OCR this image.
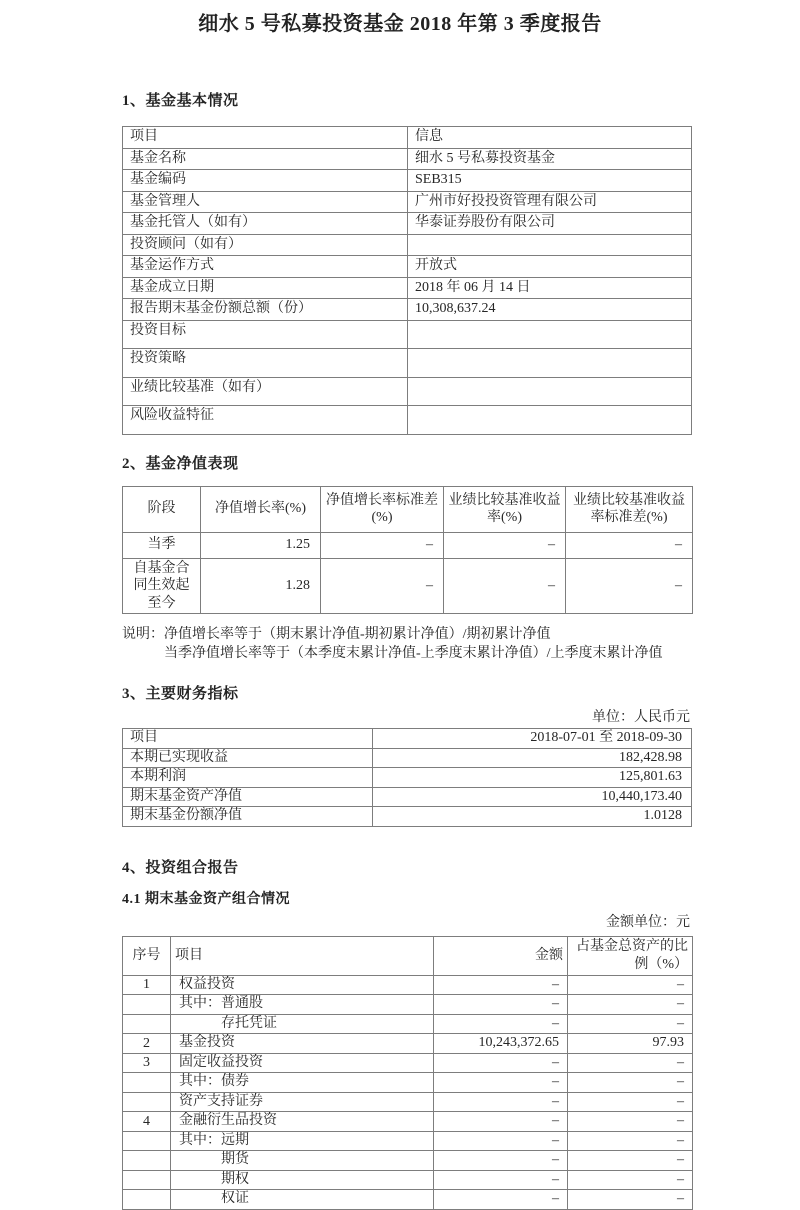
细水 5 号私募投资基金 2018 年第 3 季度报告
1、基金基本情况
项目	信息
基金名称	细水 5 号私募投资基金
基金编码	SEB315
基金管理人	广州市好投投资管理有限公司
基金托管人（如有）	华泰证券股份有限公司
投资顾问（如有）	
基金运作方式	开放式
基金成立日期	2018 年 06 月 14 日
报告期末基金份额总额（份）	10,308,637.24
投资目标	
投资策略	
业绩比较基准（如有）	
风险收益特征	
2、基金净值表现
阶段	净值增长率(%)	净值增长率标准差(%)	业绩比较基准收益率(%)	业绩比较基准收益率标准差(%)
当季	1.25	–	–	–
自基金合同生效起至今	1.28	–	–	–
说明：净值增长率等于（期末累计净值-期初累计净值）/期初累计净值
当季净值增长率等于（本季度末累计净值-上季度末累计净值）/上季度末累计净值
3、主要财务指标
单位：人民币元
项目	2018-07-01 至 2018-09-30
本期已实现收益	182,428.98
本期利润	125,801.63
期末基金资产净值	10,440,173.40
期末基金份额净值	1.0128
4、投资组合报告
4.1 期末基金资产组合情况
金额单位：元
序号	项目	金额	占基金总资产的比例（%）
1	权益投资	–	–
	其中：普通股	–	–
	存托凭证	–	–
2	基金投资	10,243,372.65	97.93
3	固定收益投资	–	–
	其中：债券	–	–
	资产支持证券	–	–
4	金融衍生品投资	–	–
	其中：远期	–	–
	期货	–	–
	期权	–	–
	权证	–	–
